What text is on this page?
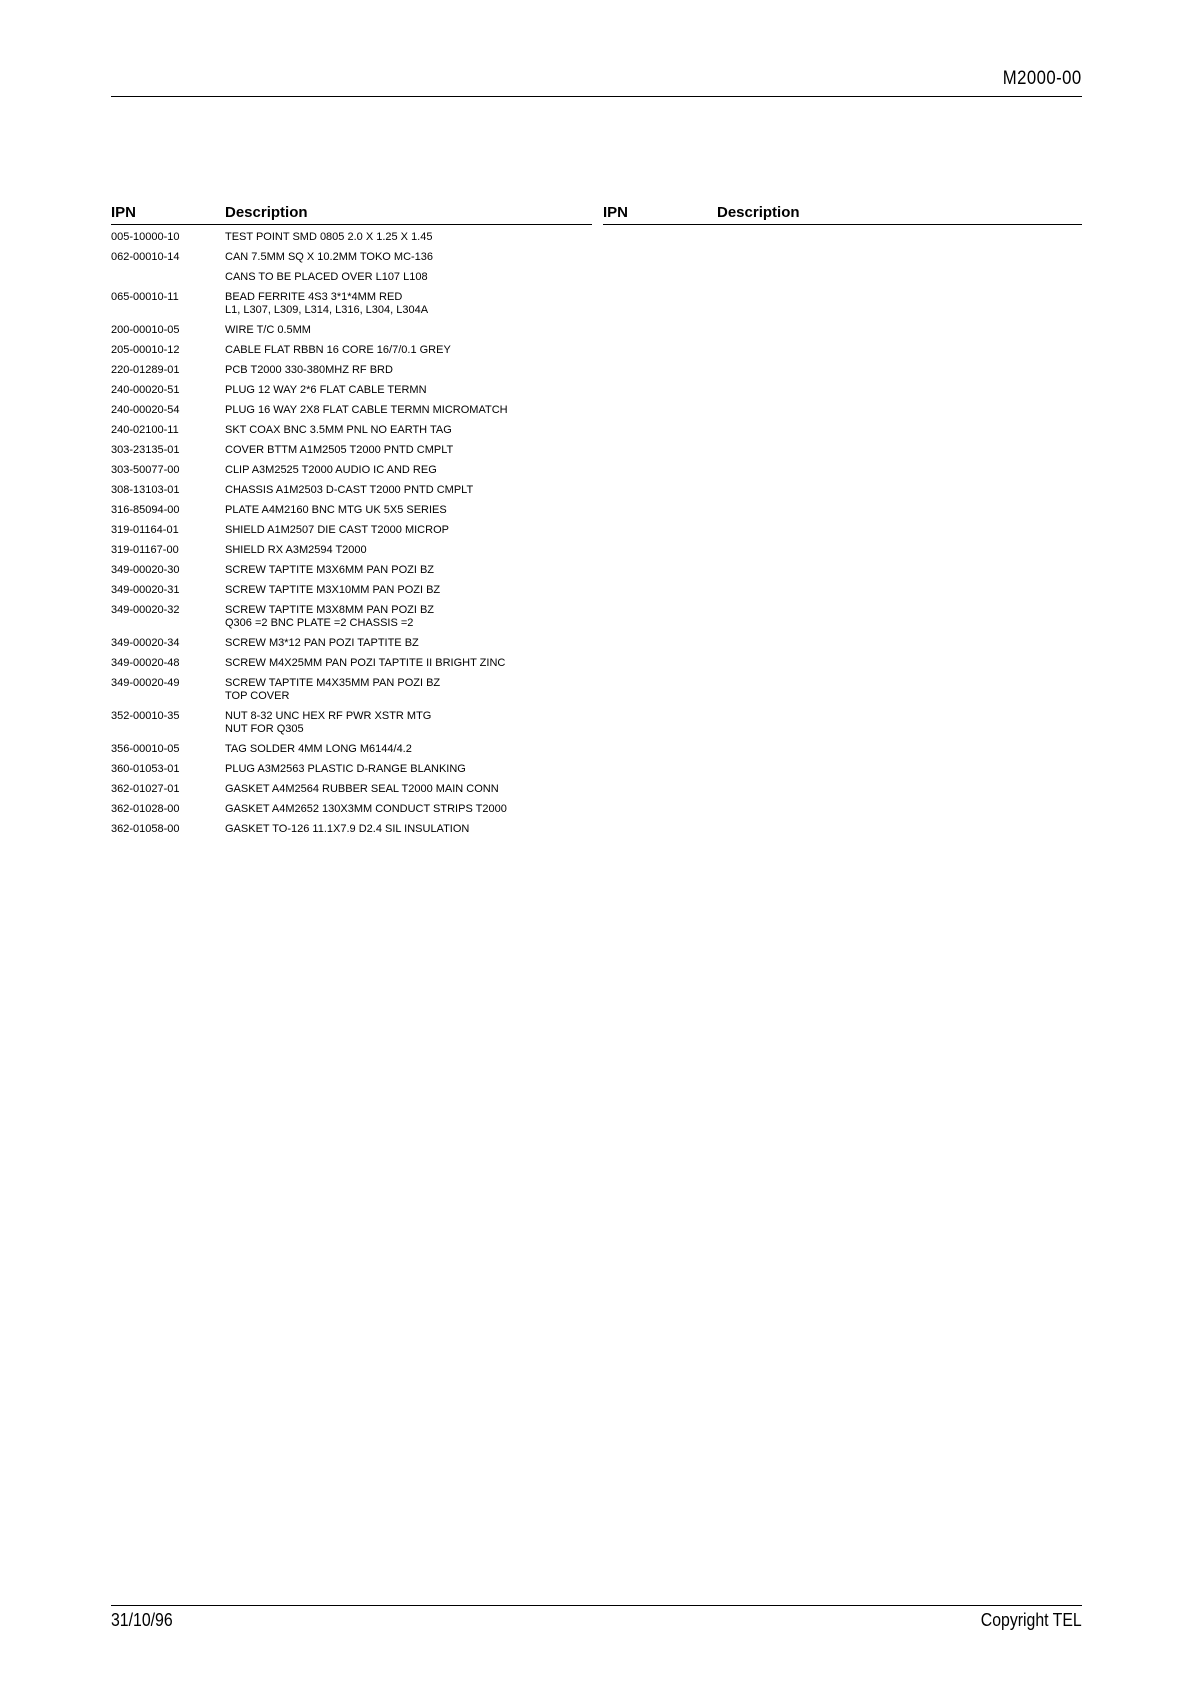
M2000-00
IPN	Description	IPN	Description
005-10000-10	TEST POINT SMD 0805 2.0 X 1.25 X 1.45
062-00010-14	CAN 7.5MM SQ X 10.2MM TOKO MC-136
CANS TO BE PLACED OVER L107 L108
065-00010-11	BEAD FERRITE 4S3 3*1*4MM RED
L1, L307, L309, L314, L316, L304, L304A
200-00010-05	WIRE T/C 0.5MM
205-00010-12	CABLE FLAT RBBN 16 CORE 16/7/0.1 GREY
220-01289-01	PCB T2000 330-380MHZ RF BRD
240-00020-51	PLUG 12 WAY 2*6 FLAT CABLE TERMN
240-00020-54	PLUG 16 WAY 2X8 FLAT CABLE TERMN MICROMATCH
240-02100-11	SKT COAX BNC 3.5MM PNL NO EARTH TAG
303-23135-01	COVER BTTM A1M2505 T2000 PNTD CMPLT
303-50077-00	CLIP A3M2525 T2000 AUDIO IC AND REG
308-13103-01	CHASSIS A1M2503 D-CAST T2000 PNTD CMPLT
316-85094-00	PLATE A4M2160 BNC MTG UK 5X5 SERIES
319-01164-01	SHIELD A1M2507 DIE CAST T2000 MICROP
319-01167-00	SHIELD RX A3M2594 T2000
349-00020-30	SCREW TAPTITE M3X6MM PAN POZI BZ
349-00020-31	SCREW TAPTITE M3X10MM PAN POZI BZ
349-00020-32	SCREW TAPTITE M3X8MM PAN POZI BZ
Q306 =2 BNC PLATE =2 CHASSIS =2
349-00020-34	SCREW M3*12 PAN POZI TAPTITE BZ
349-00020-48	SCREW M4X25MM PAN POZI TAPTITE II BRIGHT ZINC
349-00020-49	SCREW TAPTITE M4X35MM PAN POZI BZ
TOP COVER
352-00010-35	NUT 8-32 UNC HEX RF PWR XSTR MTG
NUT FOR Q305
356-00010-05	TAG SOLDER 4MM LONG M6144/4.2
360-01053-01	PLUG A3M2563 PLASTIC D-RANGE BLANKING
362-01027-01	GASKET A4M2564 RUBBER SEAL T2000 MAIN CONN
362-01028-00	GASKET A4M2652 130X3MM CONDUCT STRIPS T2000
362-01058-00	GASKET TO-126 11.1X7.9 D2.4 SIL INSULATION
31/10/96	Copyright TEL
